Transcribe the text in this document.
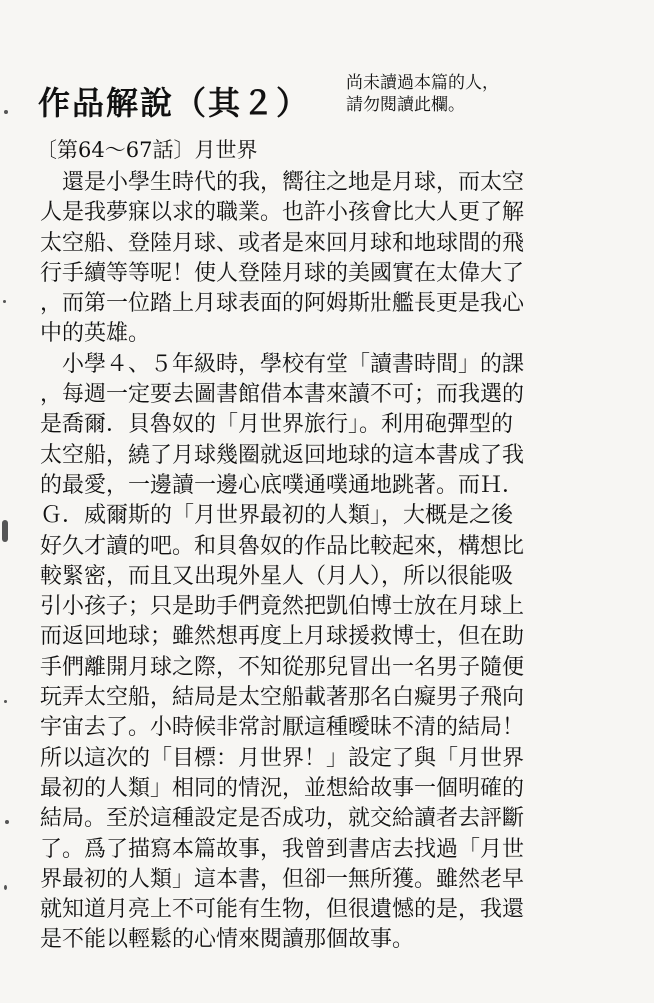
作品解說（其２）
尚未讀過本篇的人，
請勿閱讀此欄。
〔第64～67話〕月世界
　還是小學生時代的我，嚮往之地是月球，而太空
人是我夢寐以求的職業。也許小孩會比大人更了解
太空船、登陸月球、或者是來回月球和地球間的飛
行手續等等呢！使人登陸月球的美國實在太偉大了
，而第一位踏上月球表面的阿姆斯壯艦長更是我心
中的英雄。
　小學４、５年級時，學校有堂「讀書時間」的課
，每週一定要去圖書館借本書來讀不可；而我選的
是喬爾．貝魯奴的「月世界旅行」。利用砲彈型的
太空船，繞了月球幾圈就返回地球的這本書成了我
的最愛，一邊讀一邊心底噗通噗通地跳著。而Ｈ．
Ｇ．威爾斯的「月世界最初的人類」，大概是之後
好久才讀的吧。和貝魯奴的作品比較起來，構想比
較緊密，而且又出現外星人（月人），所以很能吸
引小孩子；只是助手們竟然把凱伯博士放在月球上
而返回地球；雖然想再度上月球援救博士，但在助
手們離開月球之際，不知從那兒冒出一名男子隨便
玩弄太空船，結局是太空船載著那名白癡男子飛向
宇宙去了。小時候非常討厭這種曖昧不清的結局！
所以這次的「目標：月世界！」設定了與「月世界
最初的人類」相同的情況，並想給故事一個明確的
結局。至於這種設定是否成功，就交給讀者去評斷
了。爲了描寫本篇故事，我曾到書店去找過「月世
界最初的人類」這本書，但卻一無所獲。雖然老早
就知道月亮上不可能有生物，但很遺憾的是，我還
是不能以輕鬆的心情來閱讀那個故事。
